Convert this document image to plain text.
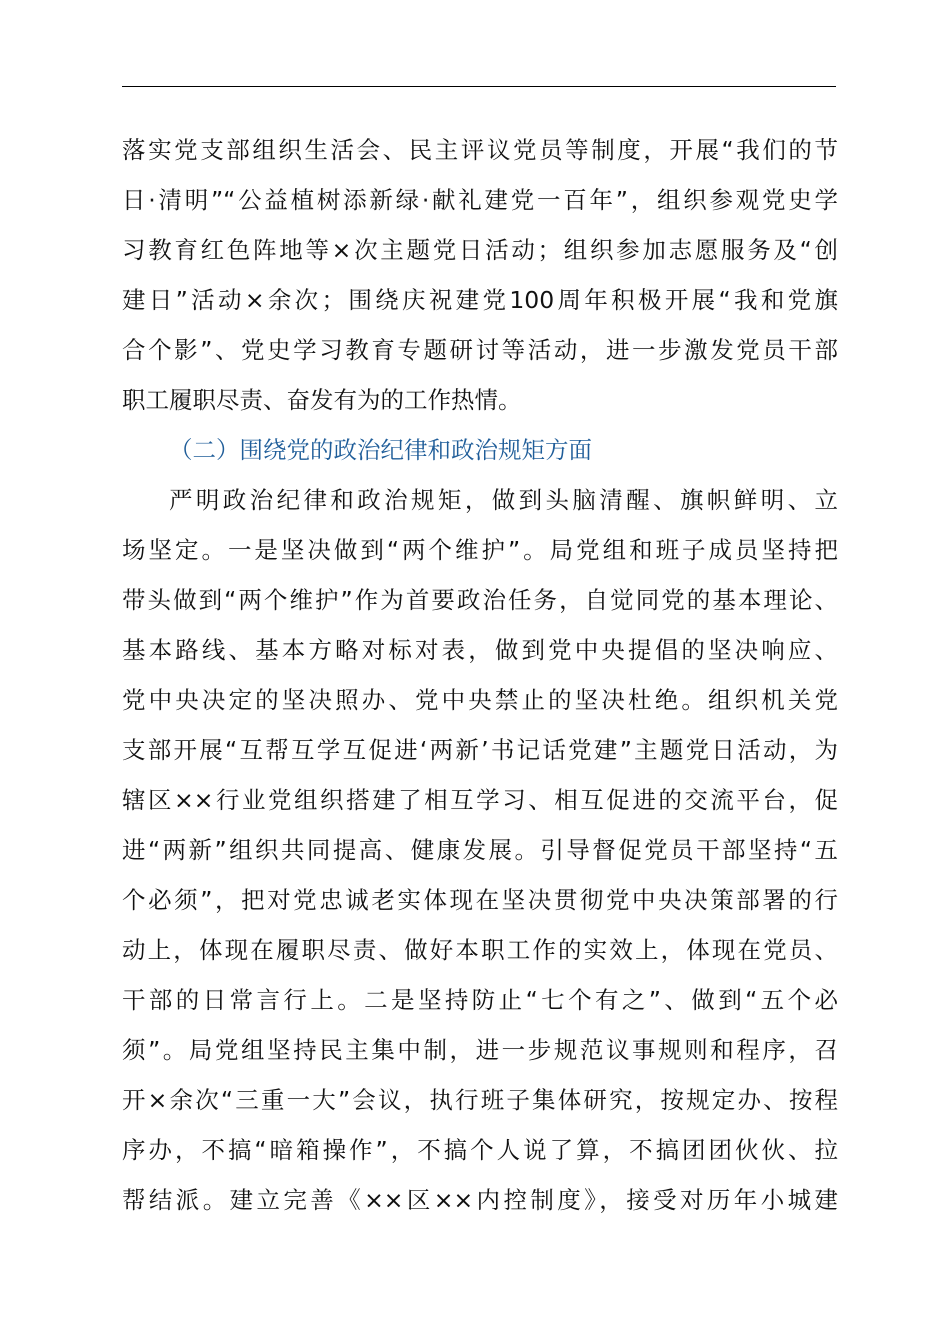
落实党支部组织生活会、民主评议党员等制度，开展“我们的节
日·清明”“公益植树添新绿·献礼建党一百年”，组织参观党史学
习教育红色阵地等×次主题党日活动；组织参加志愿服务及“创
建日”活动×余次；围绕庆祝建党100周年积极开展“我和党旗
合个影”、党史学习教育专题研讨等活动，进一步激发党员干部
职工履职尽责、奋发有为的工作热情。
（二）围绕党的政治纪律和政治规矩方面
严明政治纪律和政治规矩，做到头脑清醒、旗帜鲜明、立
场坚定。一是坚决做到“两个维护”。局党组和班子成员坚持把
带头做到“两个维护”作为首要政治任务，自觉同党的基本理论、
基本路线、基本方略对标对表，做到党中央提倡的坚决响应、
党中央决定的坚决照办、党中央禁止的坚决杜绝。组织机关党
支部开展“互帮互学互促进‘两新’书记话党建”主题党日活动，为
辖区××行业党组织搭建了相互学习、相互促进的交流平台，促
进“两新”组织共同提高、健康发展。引导督促党员干部坚持“五
个必须”，把对党忠诚老实体现在坚决贯彻党中央决策部署的行
动上，体现在履职尽责、做好本职工作的实效上，体现在党员、
干部的日常言行上。二是坚持防止“七个有之”、做到“五个必
须”。局党组坚持民主集中制，进一步规范议事规则和程序，召
开×余次“三重一大”会议，执行班子集体研究，按规定办、按程
序办，不搞“暗箱操作”，不搞个人说了算，不搞团团伙伙、拉
帮结派。建立完善《××区××内控制度》，接受对历年小城建
